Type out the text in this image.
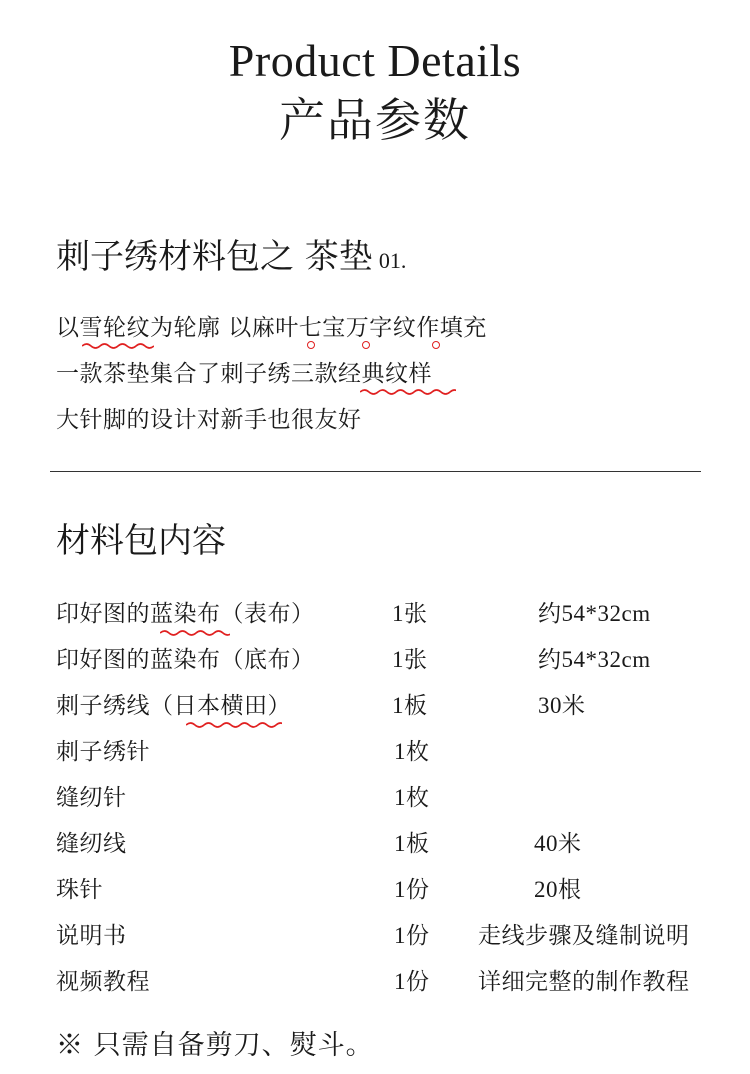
Product Details
产品参数
刺子绣材料包之 茶垫 01.
以雪轮纹为轮廓 以麻叶七宝万字纹作填充
一款茶垫集合了刺子绣三款经典纹样
大针脚的设计对新手也很友好
材料包内容
印好图的蓝染布（表布）	1张	约54*32cm
印好图的蓝染布（底布）	1张	约54*32cm
刺子绣线（日本横田）	1板	30米
刺子绣针	1枚
缝纫针	1枚
缝纫线	1板	40米
珠针	1份	20根
说明书	1份 走线步骤及缝制说明
视频教程	1份 详细完整的制作教程
※ 只需自备剪刀、熨斗。
